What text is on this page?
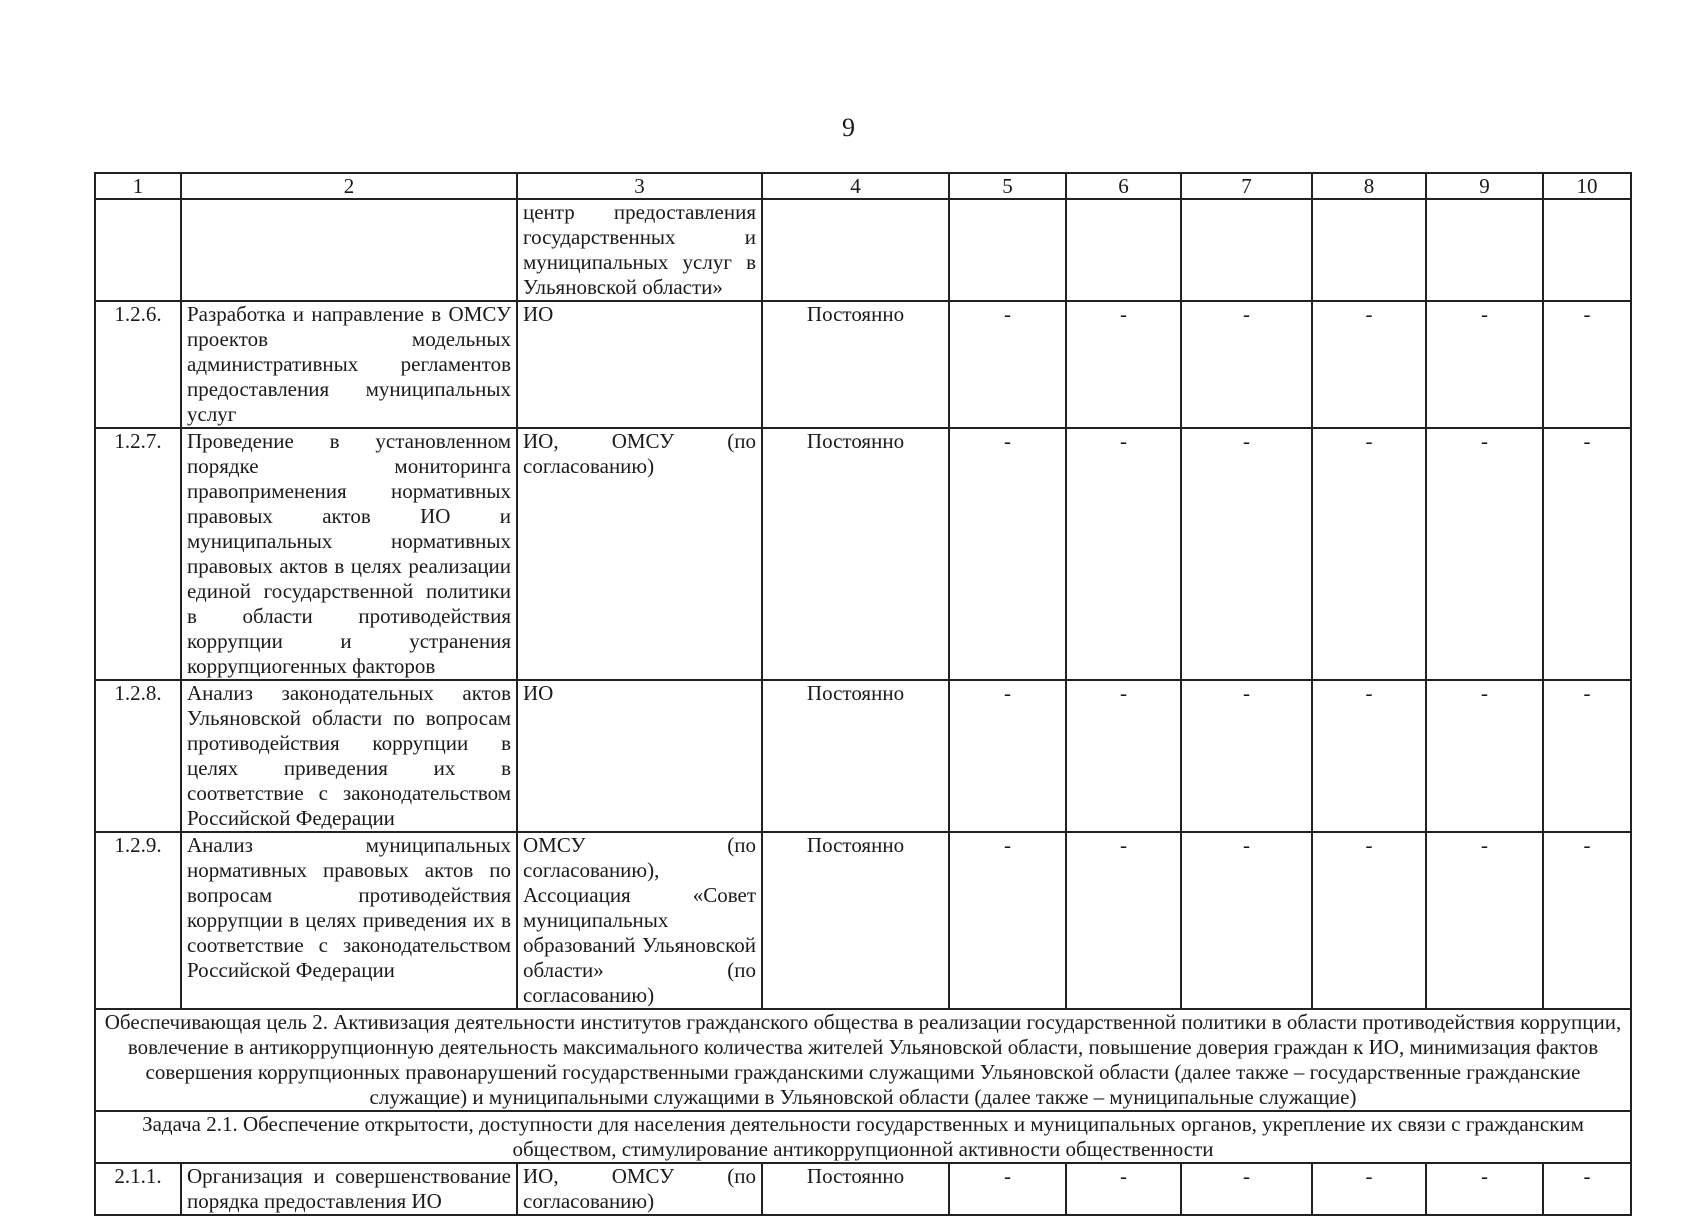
9
1	2	3	4	5	6	7	8	9	10
		центр предоставления государственных и муниципальных услуг в Ульяновской области»							
1.2.6.	Разработка и направление в ОМСУ проектов модельных административных регламентов предоставления муниципальных услуг	ИО	Постоянно	-	-	-	-	-	-
1.2.7.	Проведение в установленном порядке мониторинга правоприменения нормативных правовых актов ИО и муниципальных нормативных правовых актов в целях реализации единой государственной политики в области противодействия коррупции и устранения коррупциогенных факторов	ИО, ОМСУ (по согласованию)	Постоянно	-	-	-	-	-	-
1.2.8.	Анализ законодательных актов Ульяновской области по вопросам противодействия коррупции в целях приведения их в соответствие с законодательством Российской Федерации	ИО	Постоянно	-	-	-	-	-	-
1.2.9.	Анализ муниципальных нормативных правовых актов по вопросам противодействия коррупции в целях приведения их в соответствие с законодательством Российской Федерации	ОМСУ (по согласованию), Ассоциация «Совет муниципальных образований Ульяновской области» (по согласованию)	Постоянно	-	-	-	-	-	-
Обеспечивающая цель 2. Активизация деятельности институтов гражданского общества в реализации государственной политики в области противодействия коррупции, вовлечение в антикоррупционную деятельность максимального количества жителей Ульяновской области, повышение доверия граждан к ИО, минимизация фактов совершения коррупционных правонарушений государственными гражданскими служащими Ульяновской области (далее также – государственные гражданские служащие) и муниципальными служащими в Ульяновской области (далее также – муниципальные служащие)									
Задача 2.1. Обеспечение открытости, доступности для населения деятельности государственных и муниципальных органов, укрепление их связи с гражданским обществом, стимулирование антикоррупционной активности общественности									
2.1.1.	Организация и совершенствование порядка предоставления ИО	ИО, ОМСУ (по согласованию)	Постоянно	-	-	-	-	-	-
